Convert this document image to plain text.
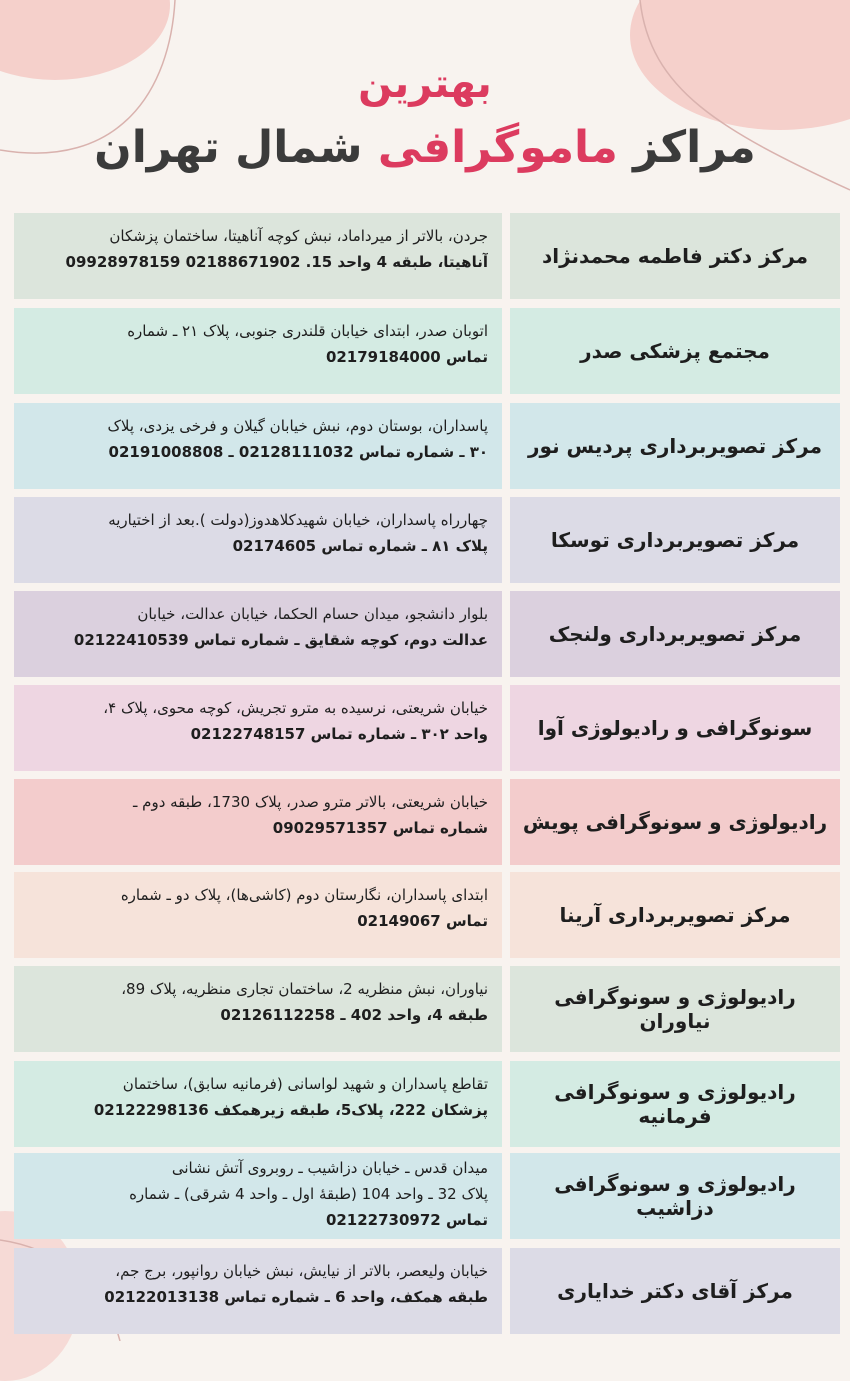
بهترین
مراکز ماموگرافی شمال تهران
مرکز دکتر فاطمه محمدنژاد
جردن، بالاتر از میرداماد، نبش کوچه آناهیتا، ساختمان پزشکان
آناهیتا، طبقه 4 واحد 15. 02188671902 09928978159
مجتمع پزشکی صدر
اتوبان صدر، ابتدای خیابان قلندری جنوبی، پلاک ۲۱ ـ شماره
تماس 02179184000
مرکز تصویربرداری پردیس نور
پاسداران، بوستان دوم، نبش خیابان گیلان و فرخی یزدی، پلاک
۳۰ ـ شماره تماس 02128111032 ـ 02191008808
مرکز تصویربرداری توسکا
چهارراه پاسداران، خیابان شهیدکلاهدوز(دولت ).بعد از اختیاریه
پلاک ۸۱ ـ شماره تماس 02174605
مرکز تصویربرداری ولنجک
بلوار دانشجو، میدان حسام الحکما، خیابان عدالت، خیابان
عدالت دوم، کوچه شقایق ـ شماره تماس 02122410539
سونوگرافی و رادیولوژی آوا
خیابان شریعتی، نرسیده به مترو تجریش، کوچه محوی، پلاک ۴،
واحد ۳۰۲ ـ شماره تماس 02122748157
رادیولوژی و سونوگرافی پویش
خیابان شریعتی، بالاتر مترو صدر، پلاک 1730، طبقه دوم ـ
شماره تماس 09029571357
مرکز تصویربرداری آرینا
ابتدای پاسداران، نگارستان دوم (کاشی‌ها)، پلاک دو ـ شماره
تماس 02149067
رادیولوژی و سونوگرافی نیاوران
نیاوران، نبش منظریه 2، ساختمان تجاری منظریه، پلاک 89،
طبقه 4، واحد 402 ـ 02126112258
رادیولوژی و سونوگرافی فرمانیه
تقاطع پاسداران و شهید لواسانی (فرمانیه سابق)، ساختمان
پزشکان 222، پلاک5، طبقه زیرهمکف 02122298136
رادیولوژی و سونوگرافی دزاشیب
میدان قدس ـ خیابان دزاشیب ـ روبروی آتش نشانی
پلاک 32 ـ واحد 104 (طبقهٔ اول ـ واحد 4 شرقی) ـ شماره
تماس 02122730972
مرکز آقای دکتر خدایاری
خیابان ولیعصر، بالاتر از نیایش، نبش خیابان روانپور، برج جم،
طبقه همکف، واحد 6 ـ شماره تماس 02122013138
